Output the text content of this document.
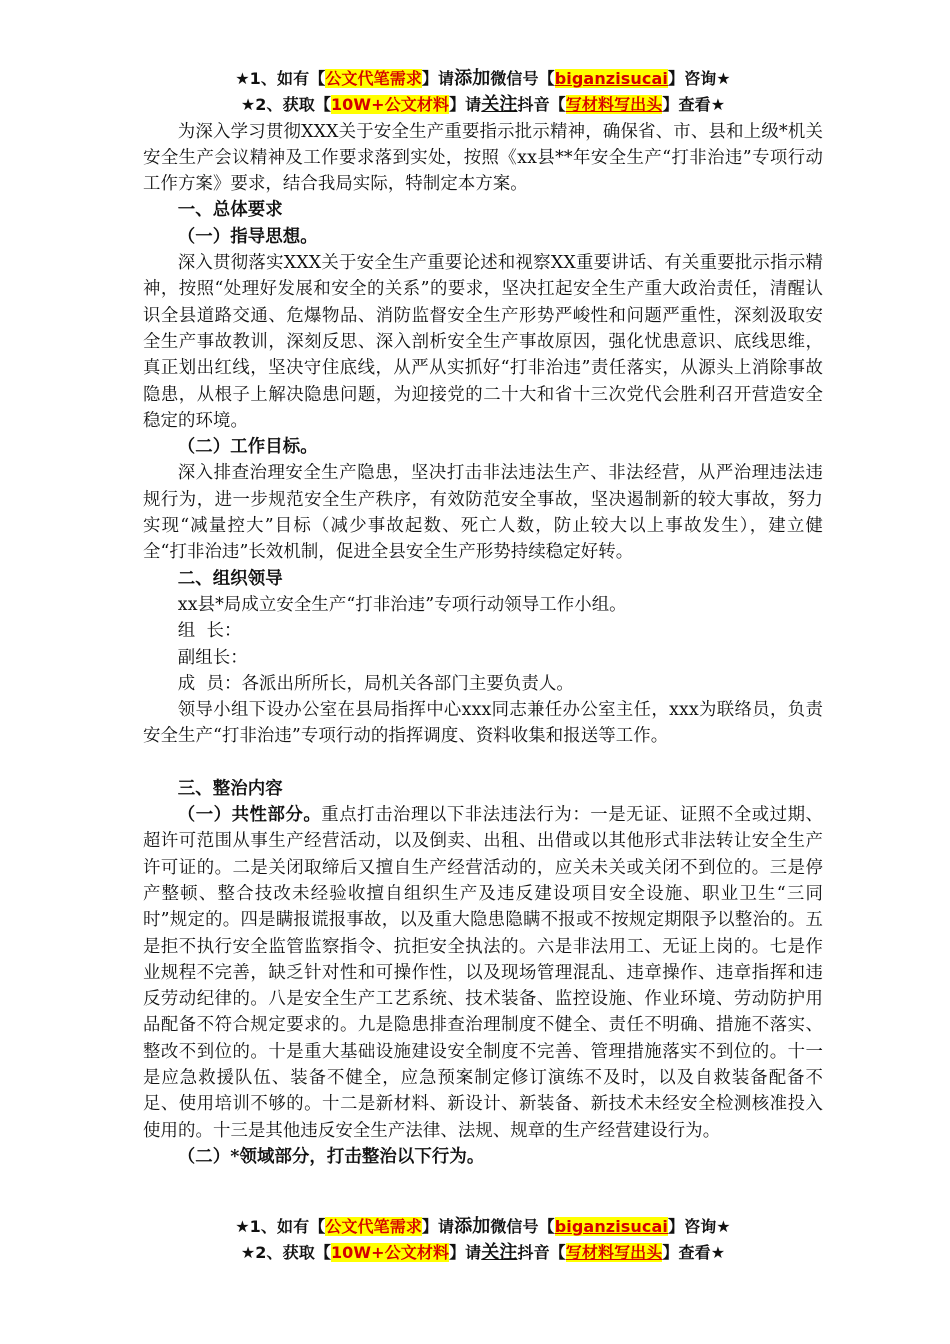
★1、如有【公文代笔需求】请添加微信号【biganzisucai】咨询★
★2、获取【10W+公文材料】请关注抖音【写材料写出头】查看★

为深入学习贯彻XXX关于安全生产重要指示批示精神，确保省、市、县和上级*机关安全生产会议精神及工作要求落到实处，按照《xx县**年安全生产“打非治违”专项行动工作方案》要求，结合我局实际，特制定本方案。

一、总体要求

（一）指导思想。

深入贯彻落实XXX关于安全生产重要论述和视察XX重要讲话、有关重要批示指示精神，按照“处理好发展和安全的关系”的要求，坚决扛起安全生产重大政治责任，清醒认识全县道路交通、危爆物品、消防监督安全生产形势严峻性和问题严重性，深刻汲取安全生产事故教训，深刻反思、深入剖析安全生产事故原因，强化忧患意识、底线思维，真正划出红线，坚决守住底线，从严从实抓好“打非治违”责任落实，从源头上消除事故隐患，从根子上解决隐患问题，为迎接党的二十大和省十三次党代会胜利召开营造安全稳定的环境。

（二）工作目标。

深入排查治理安全生产隐患，坚决打击非法违法生产、非法经营，从严治理违法违规行为，进一步规范安全生产秩序，有效防范安全事故，坚决遏制新的较大事故，努力实现“减量控大”目标（减少事故起数、死亡人数，防止较大以上事故发生），建立健全“打非治违”长效机制，促进全县安全生产形势持续稳定好转。

二、组织领导

xx县*局成立安全生产“打非治违”专项行动领导工作小组。

组  长：

副组长：

成  员：各派出所所长，局机关各部门主要负责人。

领导小组下设办公室在县局指挥中心xxx同志兼任办公室主任，xxx为联络员，负责安全生产“打非治违”专项行动的指挥调度、资料收集和报送等工作。

三、整治内容

（一）共性部分。重点打击治理以下非法违法行为：一是无证、证照不全或过期、超许可范围从事生产经营活动，以及倒卖、出租、出借或以其他形式非法转让安全生产许可证的。二是关闭取缔后又擅自生产经营活动的，应关未关或关闭不到位的。三是停产整顿、整合技改未经验收擅自组织生产及违反建设项目安全设施、职业卫生“三同时”规定的。四是瞒报谎报事故，以及重大隐患隐瞒不报或不按规定期限予以整治的。五是拒不执行安全监管监察指令、抗拒安全执法的。六是非法用工、无证上岗的。七是作业规程不完善，缺乏针对性和可操作性，以及现场管理混乱、违章操作、违章指挥和违反劳动纪律的。八是安全生产工艺系统、技术装备、监控设施、作业环境、劳动防护用品配备不符合规定要求的。九是隐患排查治理制度不健全、责任不明确、措施不落实、整改不到位的。十是重大基础设施建设安全制度不完善、管理措施落实不到位的。十一是应急救援队伍、装备不健全，应急预案制定修订演练不及时，以及自救装备配备不足、使用培训不够的。十二是新材料、新设计、新装备、新技术未经安全检测核准投入使用的。十三是其他违反安全生产法律、法规、规章的生产经营建设行为。

（二）*领域部分，打击整治以下行为。

★1、如有【公文代笔需求】请添加微信号【biganzisucai】咨询★
★2、获取【10W+公文材料】请关注抖音【写材料写出头】查看★
